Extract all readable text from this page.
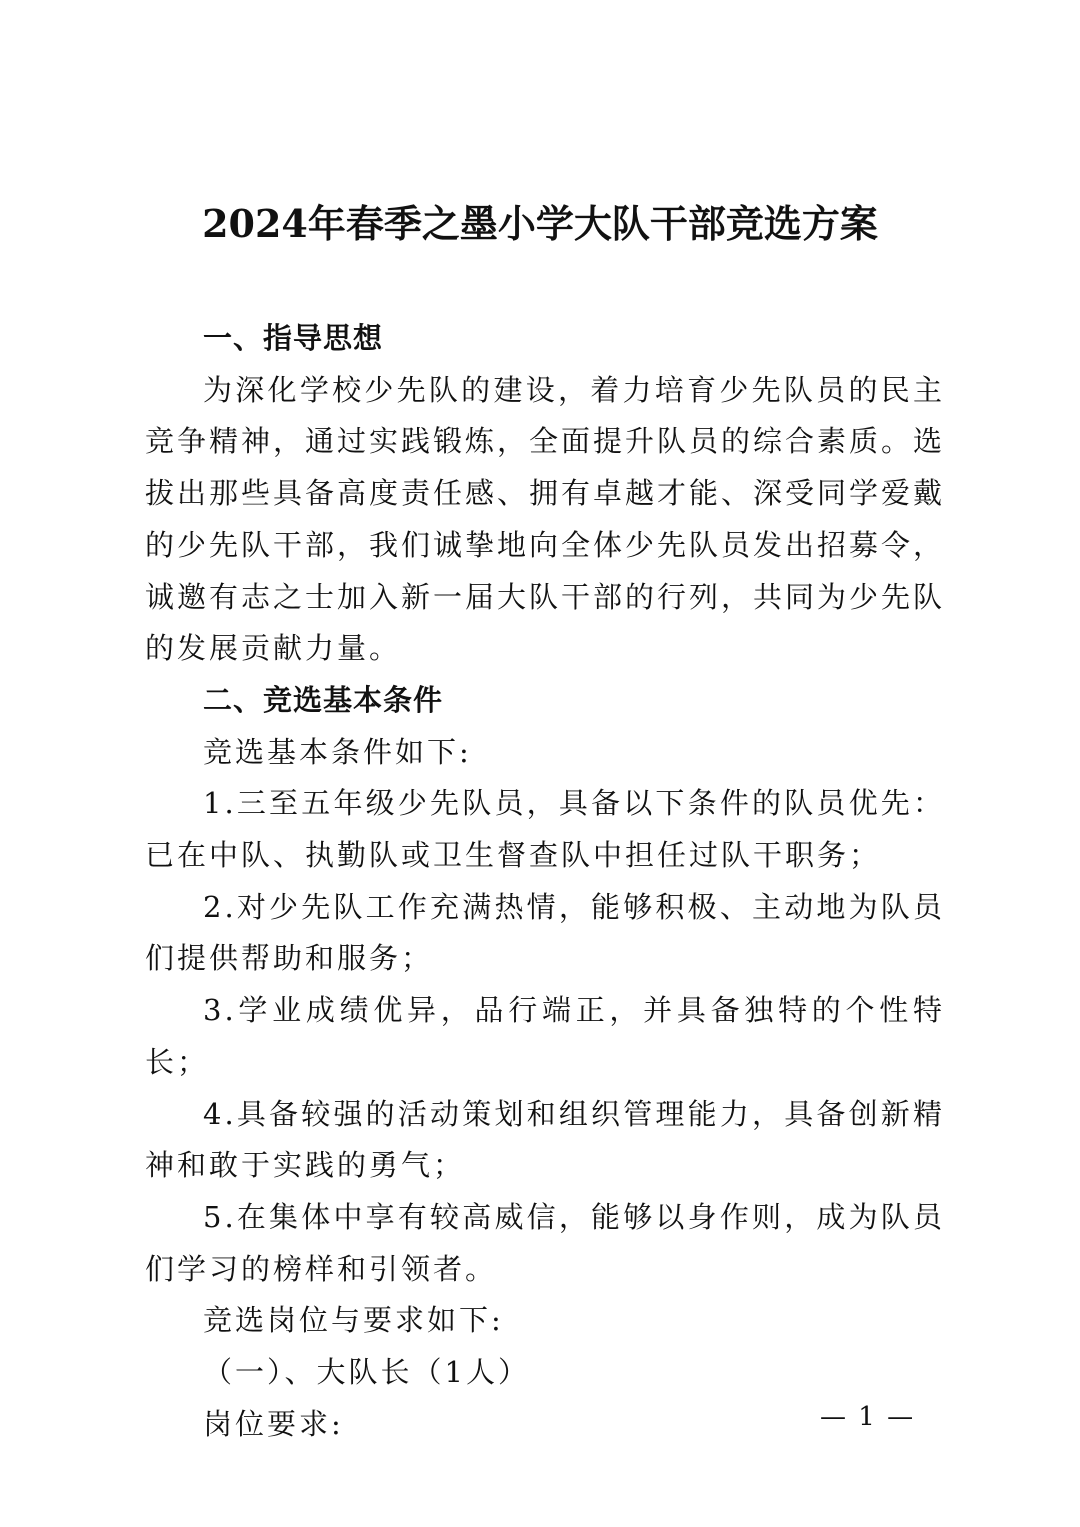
2024年春季之墨小学大队干部竞选方案

一、指导思想

为深化学校少先队的建设，着力培育少先队员的民主竞争精神，通过实践锻炼，全面提升队员的综合素质。选拔出那些具备高度责任感、拥有卓越才能、深受同学爱戴的少先队干部，我们诚挚地向全体少先队员发出招募令，诚邀有志之士加入新一届大队干部的行列，共同为少先队的发展贡献力量。

二、竞选基本条件

竞选基本条件如下:

1.三至五年级少先队员，具备以下条件的队员优先：已在中队、执勤队或卫生督查队中担任过队干职务；

2.对少先队工作充满热情，能够积极、主动地为队员们提供帮助和服务；

3.学业成绩优异，品行端正，并具备独特的个性特长；

4.具备较强的活动策划和组织管理能力，具备创新精神和敢于实践的勇气；

5.在集体中享有较高威信，能够以身作则，成为队员们学习的榜样和引领者。

竞选岗位与要求如下:

（一）、大队长（1人）

岗位要求:	— 1 —
